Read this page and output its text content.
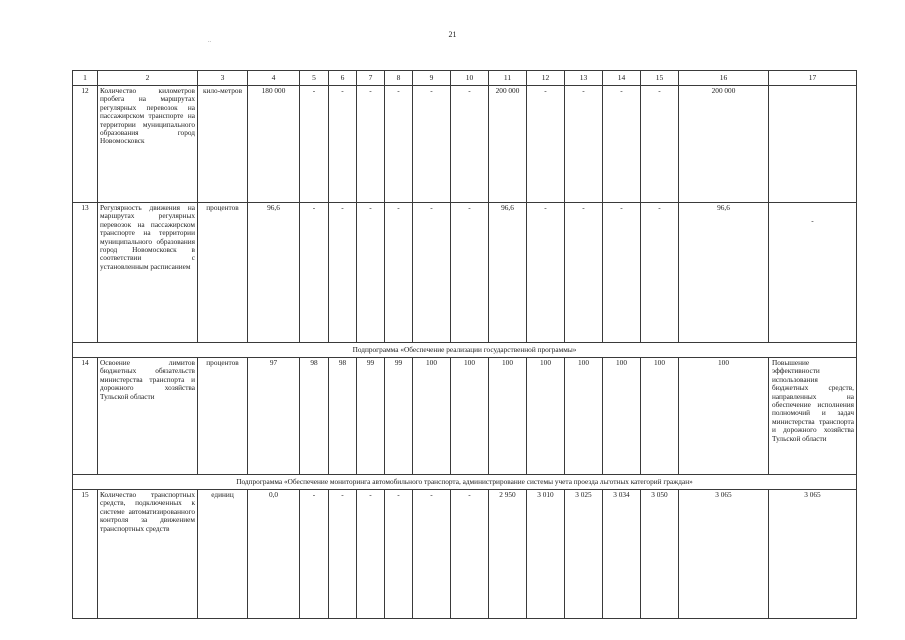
21
..
1	2	3	4	5	6	7	8	9	10	11	12	13	14	15	16	17	
12	Количество километров пробега на маршрутах регулярных перевозок на пассажирском транспорте на территории муниципального образования город Новомосковск	кило-метров	180 000	-	-	-	-	-	-	200 000	-	-	-	-	200 000		
13	Регулярность движения на маршрутах регулярных перевозок на пассажирском транспорте на территории муниципального образования город Новомосковск в соответствии с установленным расписанием	процентов	96,6	-	-	-	-	-	-	96,6	-	-	-	-	96,6	-	
Подпрограмма «Обеспечение реализации государственной программы»																	
14	Освоение лимитов бюджетных обязательств министерства транспорта и дорожного хозяйства Тульской области	процентов	97	98	98	99	99	100	100	100	100	100	100	100	100	Повышение эффективности использования бюджетных средств, направленных на обеспечение исполнения полномочий и задач министерства транспорта и дорожного хозяйства Тульской области	
Подпрограмма «Обеспечение мониторинга автомобильного транспорта, администрирование системы учета проезда льготных категорий граждан»																	
15	Количество транспортных средств, подключенных к системе автоматизированного контроля за движением транспортных средств	единиц	0,0	-	-	-	-	-	-	2 950	3 010	3 025	3 034	3 050	3 065	3 065	
